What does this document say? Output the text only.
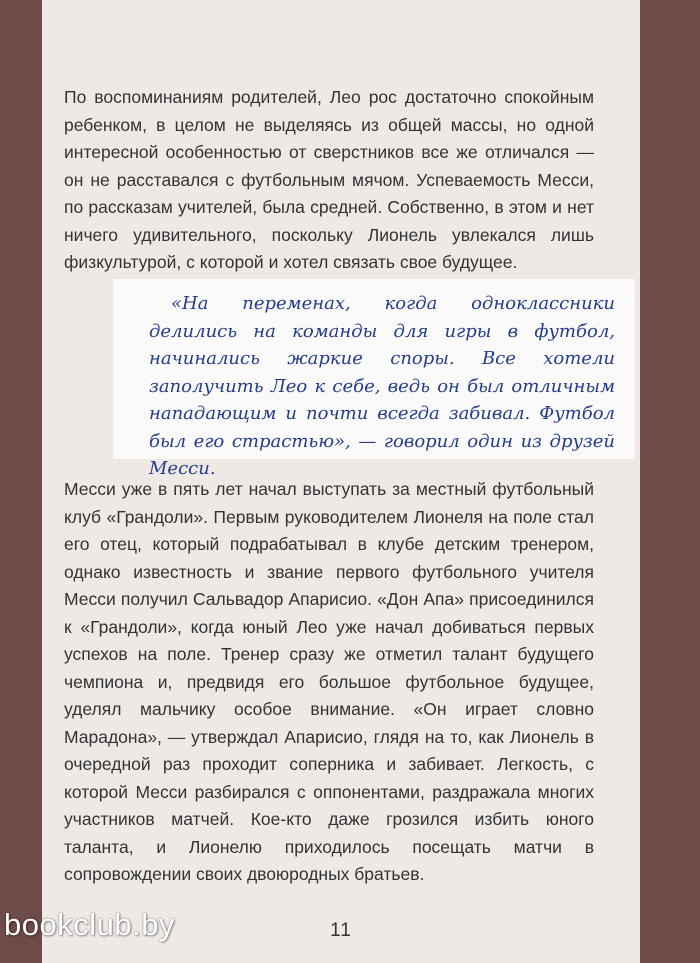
По воспоминаниям родителей, Лео рос достаточно спокойным ребенком, в целом не выделяясь из общей массы, но одной интересной особенностью от сверстников все же отличался — он не расставался с футбольным мячом. Успеваемость Месси, по рассказам учителей, была средней. Собственно, в этом и нет ничего удивительного, поскольку Лионель увлекался лишь физкультурой, с которой и хотел связать свое будущее.

Месси уже в пять лет начал выступать за местный футбольный клуб «Грандоли». Первым руководителем Лионеля на поле стал его отец, который подрабатывал в клубе детским тренером, однако известность и звание первого футбольного учителя Месси получил Сальвадор Апарисио. «Дон Апа» присоединился к «Грандоли», когда юный Лео уже начал добиваться первых успехов на поле. Тренер сразу же отметил талант будущего чемпиона и, предвидя его большое футбольное будущее, уделял мальчику особое внимание. «Он играет словно Марадона», — утверждал Апарисио, глядя на то, как Лионель в очередной раз проходит соперника и забивает. Легкость, с которой Месси разбирался с оппонентами, раздражала многих участников матчей. Кое-кто даже грозился избить юного таланта, и Лионелю приходилось посещать матчи в сопровождении своих двоюродных братьев.

11

«На переменах, когда одноклассники делились на команды для игры в футбол, начинались жаркие споры. Все хотели заполучить Лео к себе, ведь он был отличным нападающим и почти всегда забивал. Футбол был его страстью», — говорил один из друзей Месси.

bookclub.by
